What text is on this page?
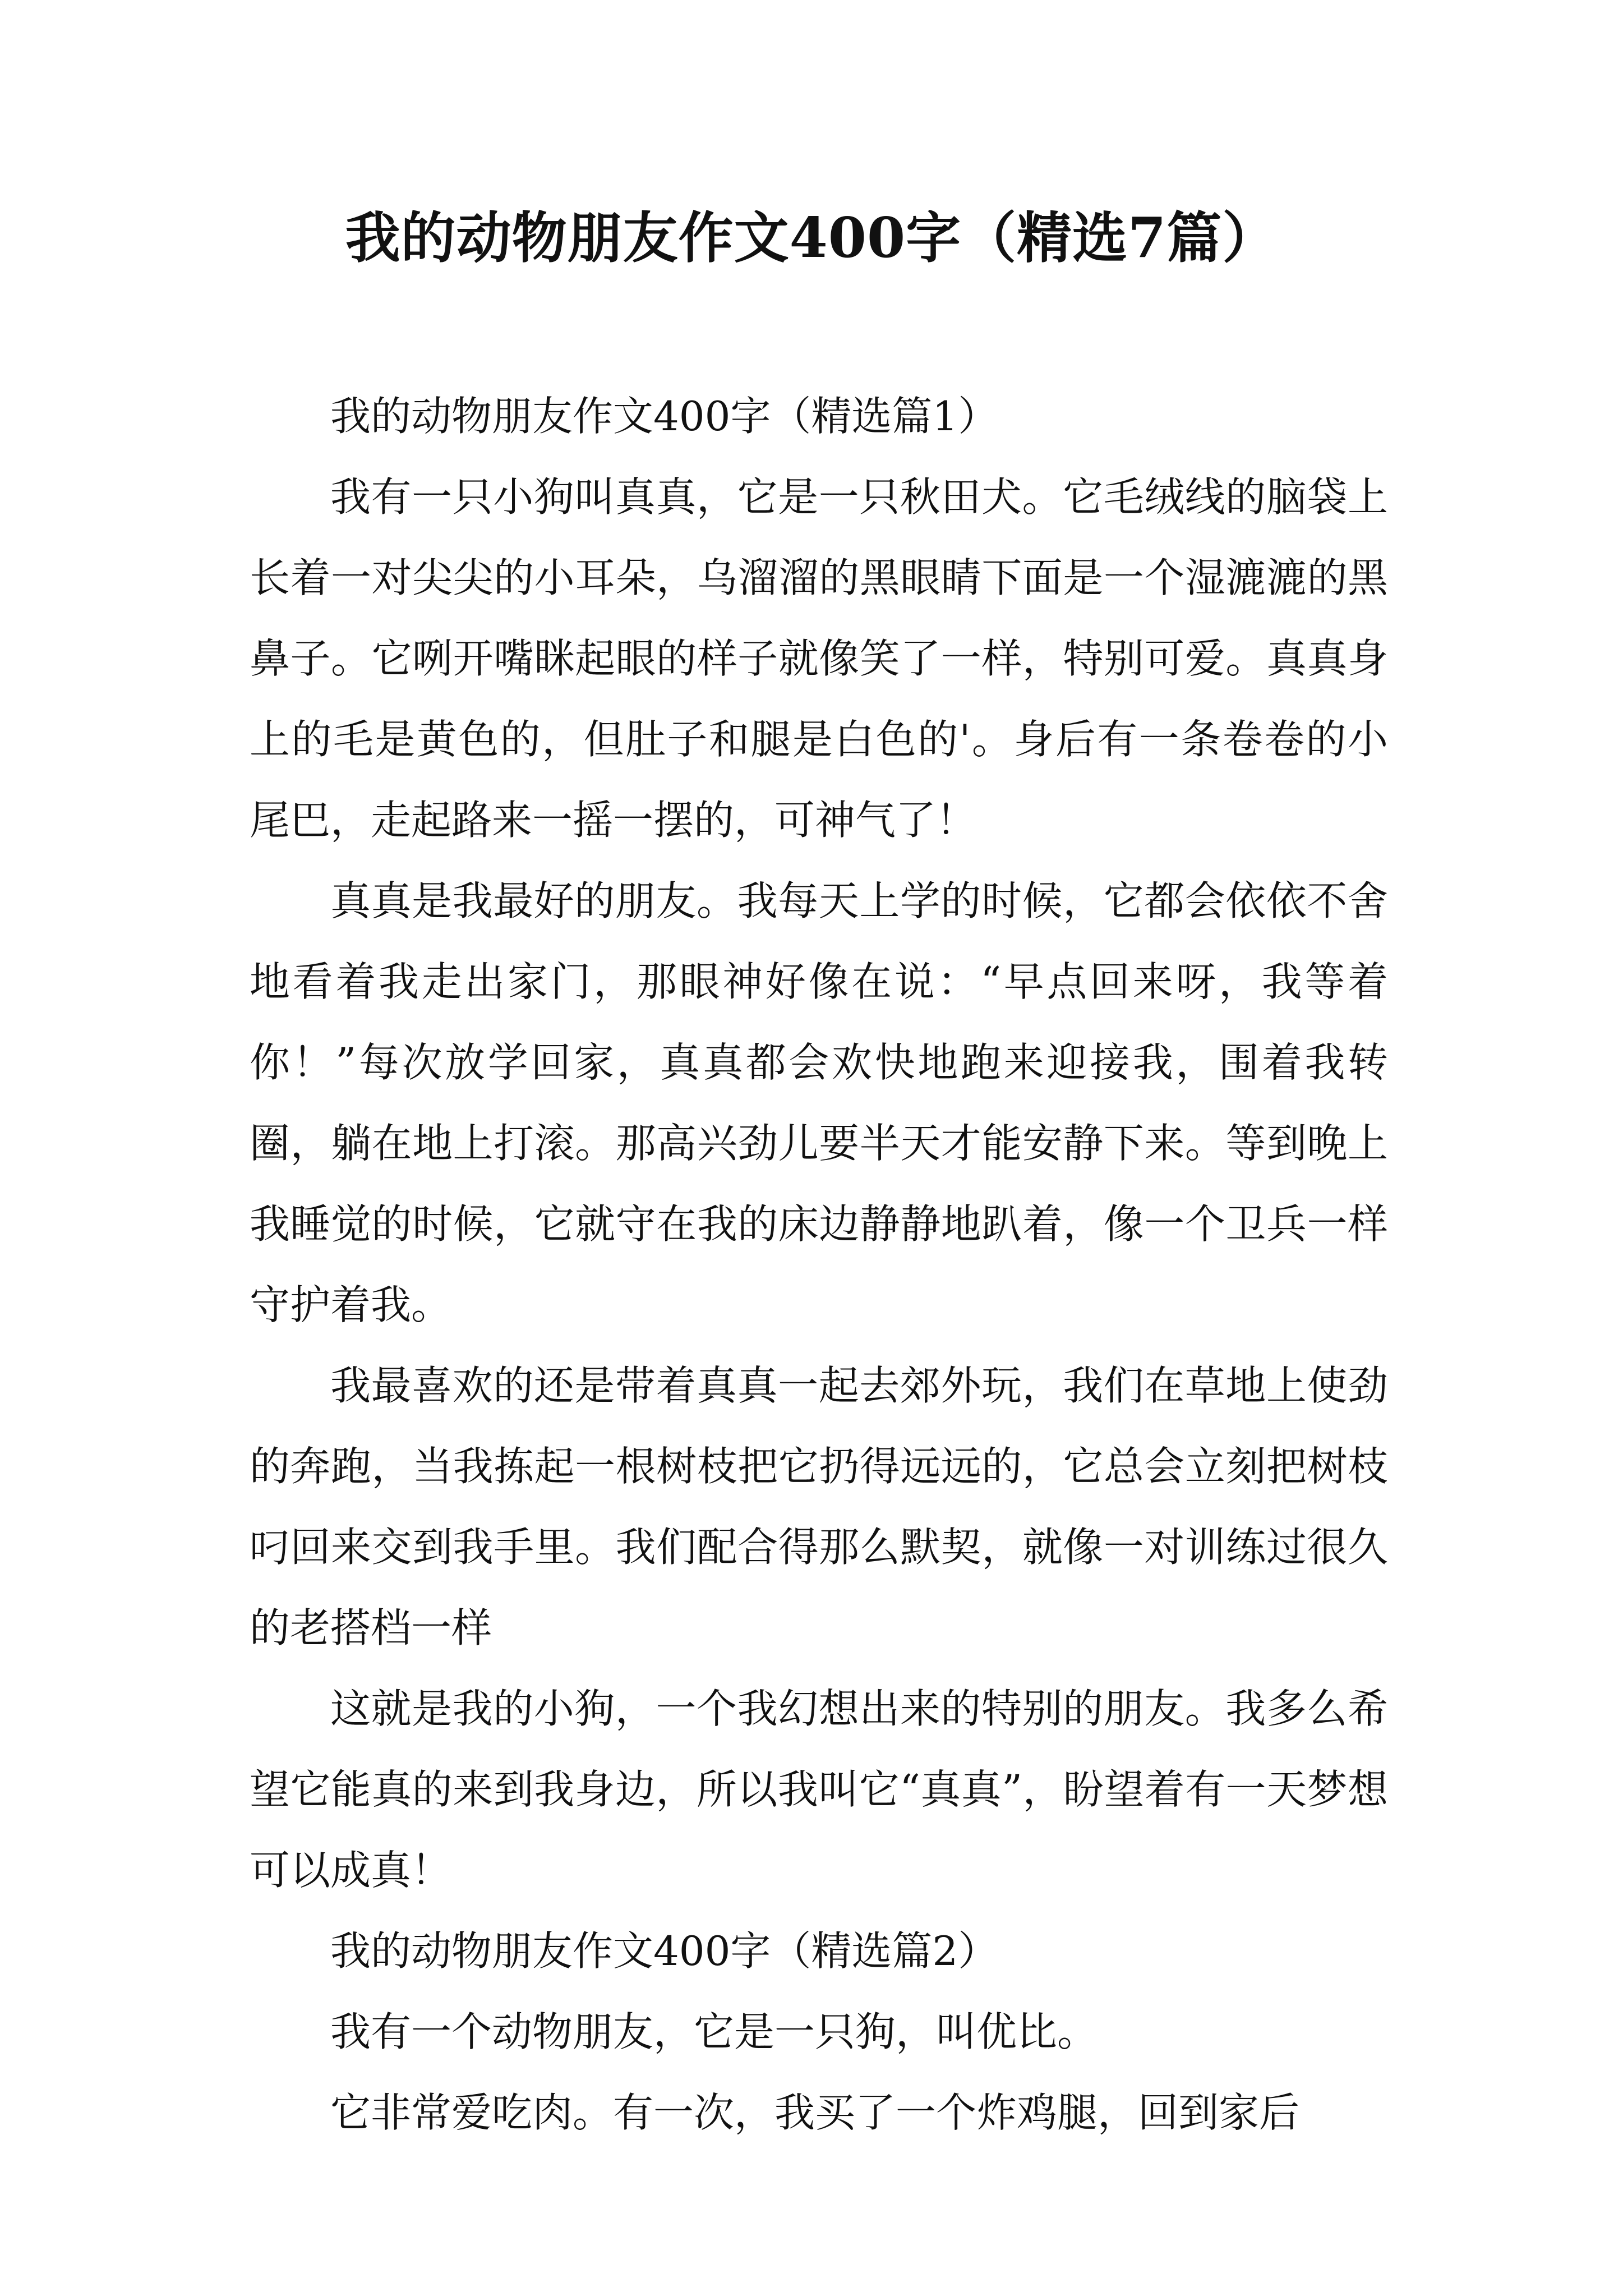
我的动物朋友作文400字（精选7篇）

我的动物朋友作文400字（精选篇1）

我有一只小狗叫真真，它是一只秋田犬。它毛绒线的脑袋上长着一对尖尖的小耳朵，乌溜溜的黑眼睛下面是一个湿漉漉的黑鼻子。它咧开嘴眯起眼的样子就像笑了一样，特别可爱。真真身上的毛是黄色的，但肚子和腿是白色的'。身后有一条卷卷的小尾巴，走起路来一摇一摆的，可神气了！

真真是我最好的朋友。我每天上学的时候，它都会依依不舍地看着我走出家门，那眼神好像在说：“早点回来呀，我等着你！”每次放学回家，真真都会欢快地跑来迎接我，围着我转圈，躺在地上打滚。那高兴劲儿要半天才能安静下来。等到晚上我睡觉的时候，它就守在我的床边静静地趴着，像一个卫兵一样守护着我。

我最喜欢的还是带着真真一起去郊外玩，我们在草地上使劲的奔跑，当我拣起一根树枝把它扔得远远的，它总会立刻把树枝叼回来交到我手里。我们配合得那么默契，就像一对训练过很久的老搭档一样

这就是我的小狗，一个我幻想出来的特别的朋友。我多么希望它能真的来到我身边，所以我叫它“真真”，盼望着有一天梦想可以成真！

我的动物朋友作文400字（精选篇2）

我有一个动物朋友，它是一只狗，叫优比。

它非常爱吃肉。有一次，我买了一个炸鸡腿，回到家后
